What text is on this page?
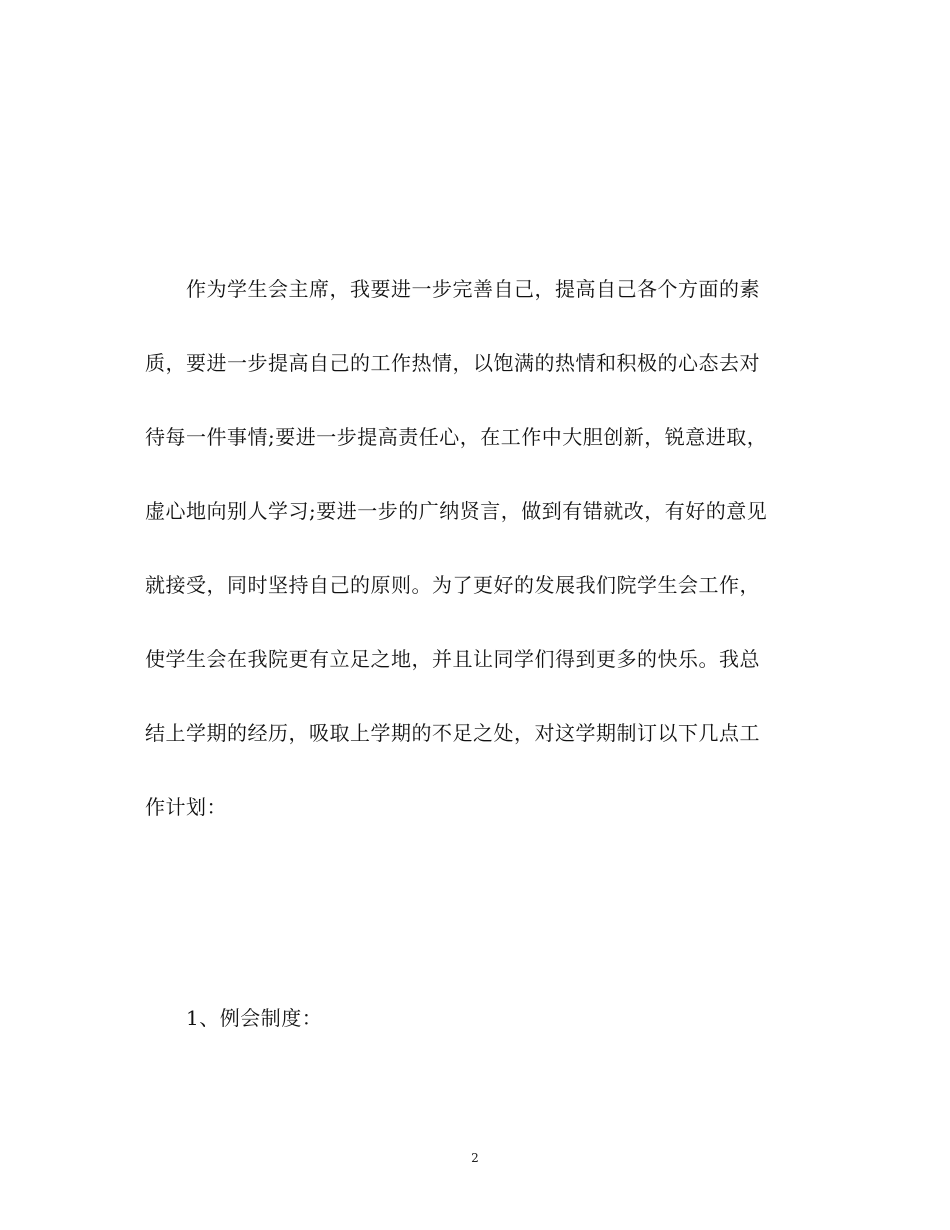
作为学生会主席，我要进一步完善自己，提高自己各个方面的素
质，要进一步提高自己的工作热情，以饱满的热情和积极的心态去对
待每一件事情;要进一步提高责任心，在工作中大胆创新，锐意进取，
虚心地向别人学习;要进一步的广纳贤言，做到有错就改，有好的意见
就接受，同时坚持自己的原则。为了更好的发展我们院学生会工作，
使学生会在我院更有立足之地，并且让同学们得到更多的快乐。我总
结上学期的经历，吸取上学期的不足之处，对这学期制订以下几点工
作计划：
1、例会制度：
2
